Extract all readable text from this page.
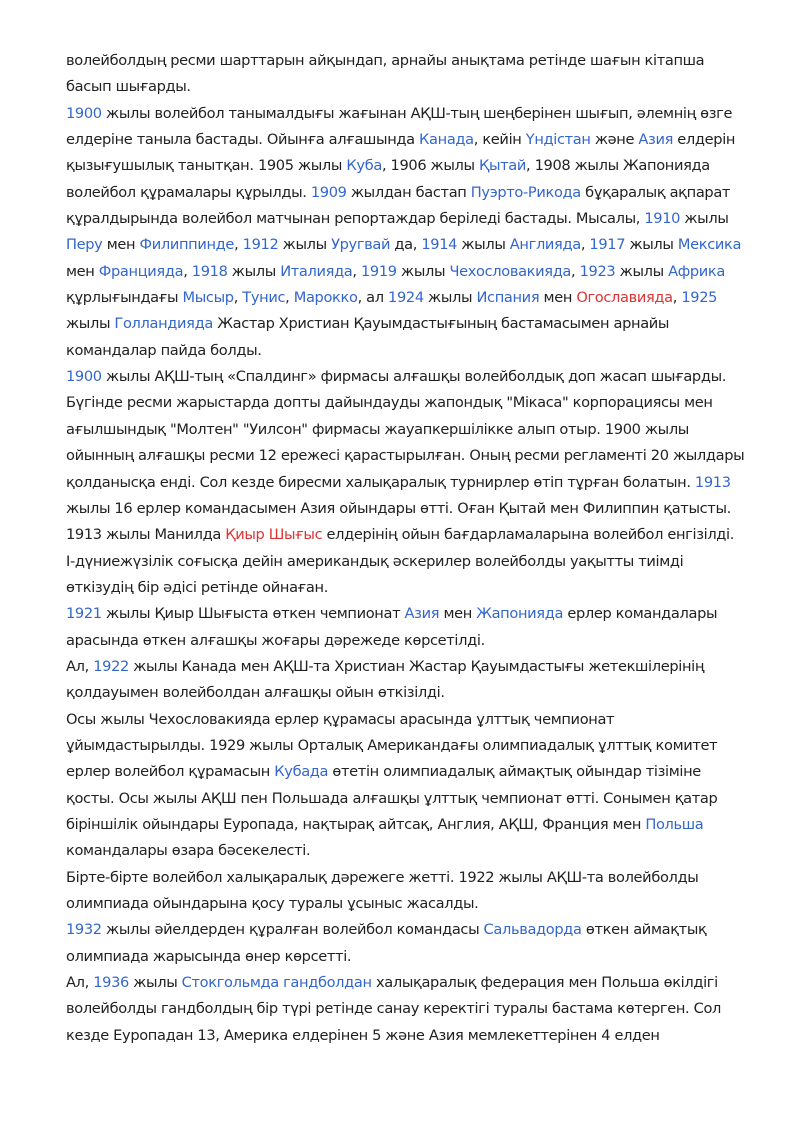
волейболдың ресми шарттарын айқындап, арнайы анықтама ретінде шағын кітапша басып шығарды.

1900 жылы волейбол танымалдығы жағынан АҚШ-тың шеңберінен шығып, әлемнің өзге елдеріне таныла бастады. Ойынға алғашында Канада, кейін Үндістан және Азия елдерін қызығушылық танытқан. 1905 жылы Куба, 1906 жылы Қытай, 1908 жылы Жапонияда волейбол құрамалары құрылды. 1909 жылдан бастап Пуэрто-Рикода бұқаралық ақпарат құралдырында волейбол матчынан репортаждар беріледі бастады. Мысалы, 1910 жылы Перу мен Филиппинде, 1912 жылы Уругвай да, 1914 жылы Англияда, 1917 жылы Мексика мен Францияда, 1918 жылы Италияда, 1919 жылы Чехословакияда, 1923 жылы Африка құрлығындағы Мысыр, Тунис, Марокко, ал 1924 жылы Испания мен Огославияда, 1925 жылы Голландияда Жастар Христиан Қауымдастығының бастамасымен арнайы командалар пайда болды.

1900 жылы АҚШ-тың «Спалдинг» фирмасы алғашқы волейболдық доп жасап шығарды. Бүгінде ресми жарыстарда допты дайындауды жапондық "Мікаса" корпорациясы мен ағылшындық "Молтен" "Уилсон" фирмасы жауапкершілікке алып отыр. 1900 жылы ойынның алғашқы ресми 12 ережесі қарастырылған. Оның ресми регламенті 20 жылдары қолданысқа енді. Сол кезде биресми халықаралық турнирлер өтіп тұрған болатын. 1913 жылы 16 ерлер командасымен Азия ойындары өтті. Оған Қытай мен Филиппин қатысты.

1913 жылы Манилда Қиыр Шығыс елдерінің ойын бағдарламаларына волейбол енгізілді. I-дүниежүзілік соғысқа дейін американдық әскерилер волейболды уақытты тиімді өткізудің бір әдісі ретінде ойнаған.

1921 жылы Қиыр Шығыста өткен чемпионат Азия мен Жапонияда ерлер командалары арасында өткен алғашқы жоғары дәрежеде көрсетілді.

Ал, 1922 жылы Канада мен АҚШ-та Христиан Жастар Қауымдастығы жетекшілерінің қолдауымен волейболдан алғашқы ойын өткізілді.

Осы жылы Чехословакияда ерлер құрамасы арасында ұлттық чемпионат ұйымдастырылды. 1929 жылы Орталық Американдағы олимпиадалық ұлттық комитет ерлер волейбол құрамасын Кубада өтетін олимпиадалық аймақтық ойындар тізіміне қосты. Осы жылы АҚШ пен Польшада алғашқы ұлттық чемпионат өтті. Сонымен қатар біріншілік ойындары Еуропада, нақтырақ айтсақ, Англия, АҚШ, Франция мен Польша командалары өзара бәсекелесті.

Бірте-бірте волейбол халықаралық дәрежеге жетті. 1922 жылы АҚШ-та волейболды олимпиада ойындарына қосу туралы ұсыныс жасалды.

1932 жылы әйелдерден құралған волейбол командасы Сальвадорда өткен аймақтық олимпиада жарысында өнер көрсетті.

Ал, 1936 жылы Стокгольмда гандболдан халықаралық федерация мен Польша өкілдігі волейболды гандболдың бір түрі ретінде санау керектігі туралы бастама көтерген. Сол кезде Еуропадан 13, Америка елдерінен 5 және Азия мемлекеттерінен 4 елден
